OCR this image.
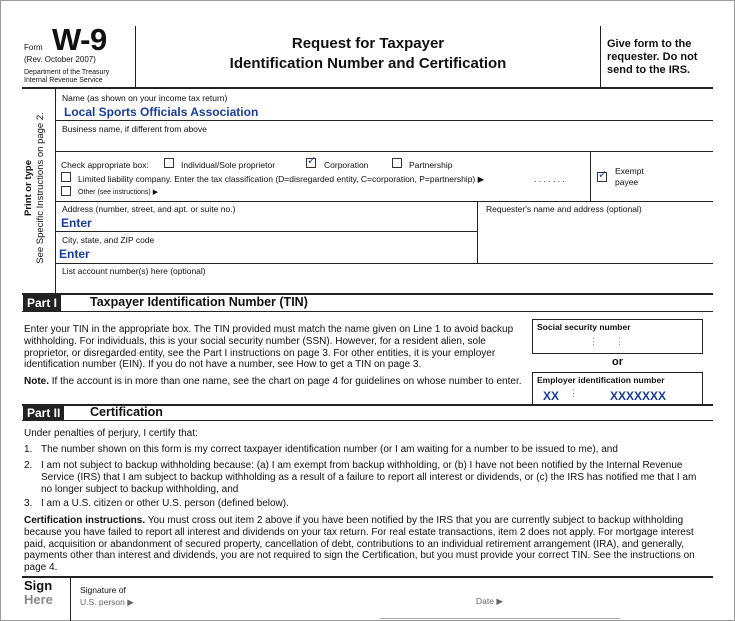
Form W-9
(Rev. October 2007)
Department of the Treasury
Internal Revenue Service
Request for Taxpayer
Identification Number and Certification
Give form to the
requester. Do not
send to the IRS.
Print or type See Specific Instructions on page 2.
Name (as shown on your income tax return)
Local Sports Officials Association
Business name, if different from above
Check appropriate box:	Individual/Sole proprietor	✓ Corporation	Partnership
Limited liability company. Enter the tax classification (D=disregarded entity, C=corporation, P=partnership) ▶	. . . . . . .
Other (see instructions) ▶
✓ Exempt
payee
Address (number, street, and apt. or suite no.)
Enter
Requester's name and address (optional)
City, state, and ZIP code
Enter
List account number(s) here (optional)
Part I	Taxpayer Identification Number (TIN)
Enter your TIN in the appropriate box. The TIN provided must match the name given on Line 1 to avoid backup withholding. For individuals, this is your social security number (SSN). However, for a resident alien, sole proprietor, or disregarded entity, see the Part I instructions on page 3. For other entities, it is your employer identification number (EIN). If you do not have a number, see How to get a TIN on page 3.
Note. If the account is in more than one name, see the chart on page 4 for guidelines on whose number to enter.
Social security number
⋮ ⋮
or
Employer identification number
XX ⋮	XXXXXXX
Part II	Certification
Under penalties of perjury, I certify that:
1. The number shown on this form is my correct taxpayer identification number (or I am waiting for a number to be issued to me), and
2. I am not subject to backup withholding because: (a) I am exempt from backup withholding, or (b) I have not been notified by the Internal Revenue Service (IRS) that I am subject to backup withholding as a result of a failure to report all interest or dividends, or (c) the IRS has notified me that I am no longer subject to backup withholding, and
3. I am a U.S. citizen or other U.S. person (defined below).
Certification instructions. You must cross out item 2 above if you have been notified by the IRS that you are currently subject to backup withholding because you have failed to report all interest and dividends on your tax return. For real estate transactions, item 2 does not apply. For mortgage interest paid, acquisition or abandonment of secured property, cancellation of debt, contributions to an individual retirement arrangement (IRA), and generally, payments other than interest and dividends, you are not required to sign the Certification, but you must provide your correct TIN. See the instructions on page 4.
Sign
Here
Signature of
U.S. person ▶	Date ▶
